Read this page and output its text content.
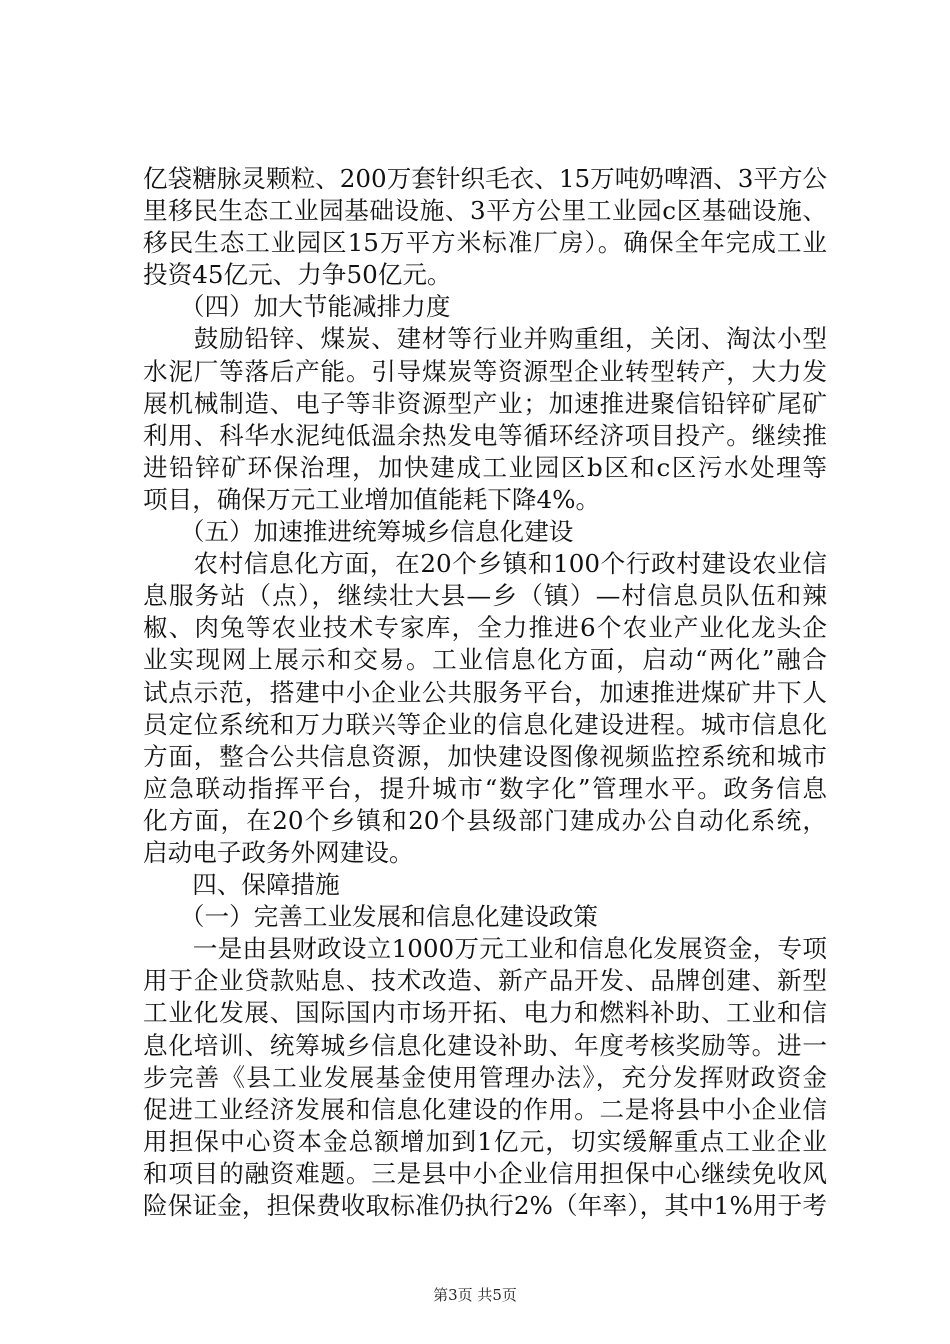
亿袋糖脉灵颗粒、200万套针织毛衣、15万吨奶啤酒、3平方公
里移民生态工业园基础设施、3平方公里工业园c区基础设施、
移民生态工业园区15万平方米标准厂房）。确保全年完成工业
投资45亿元、力争50亿元。
　　（四）加大节能减排力度
　　鼓励铅锌、煤炭、建材等行业并购重组，关闭、淘汰小型
水泥厂等落后产能。引导煤炭等资源型企业转型转产，大力发
展机械制造、电子等非资源型产业；加速推进聚信铅锌矿尾矿
利用、科华水泥纯低温余热发电等循环经济项目投产。继续推
进铅锌矿环保治理，加快建成工业园区b区和c区污水处理等
项目，确保万元工业增加值能耗下降4%。
　　（五）加速推进统筹城乡信息化建设
　　农村信息化方面，在20个乡镇和100个行政村建设农业信
息服务站（点），继续壮大县—乡（镇）—村信息员队伍和辣
椒、肉兔等农业技术专家库，全力推进6个农业产业化龙头企
业实现网上展示和交易。工业信息化方面，启动“两化”融合
试点示范，搭建中小企业公共服务平台，加速推进煤矿井下人
员定位系统和万力联兴等企业的信息化建设进程。城市信息化
方面，整合公共信息资源，加快建设图像视频监控系统和城市
应急联动指挥平台，提升城市“数字化”管理水平。政务信息
化方面，在20个乡镇和20个县级部门建成办公自动化系统，
启动电子政务外网建设。
　　四、保障措施
　　（一）完善工业发展和信息化建设政策
　　一是由县财政设立1000万元工业和信息化发展资金，专项
用于企业贷款贴息、技术改造、新产品开发、品牌创建、新型
工业化发展、国际国内市场开拓、电力和燃料补助、工业和信
息化培训、统筹城乡信息化建设补助、年度考核奖励等。进一
步完善《县工业发展基金使用管理办法》，充分发挥财政资金
促进工业经济发展和信息化建设的作用。二是将县中小企业信
用担保中心资本金总额增加到1亿元，切实缓解重点工业企业
和项目的融资难题。三是县中小企业信用担保中心继续免收风
险保证金，担保费收取标准仍执行2%（年率），其中1%用于考
第3页 共5页
